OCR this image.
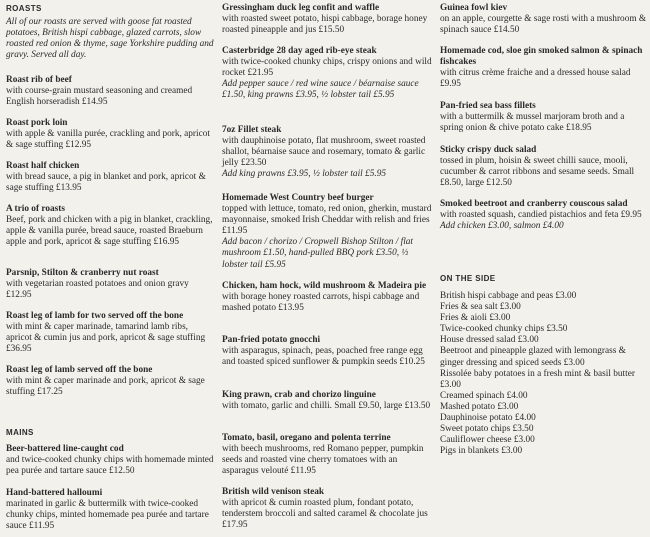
ROASTS
All of our roasts are served with goose fat roasted potatoes, British hispi cabbage, glazed carrots, slow roasted red onion & thyme, sage Yorkshire pudding and gravy. Served all day.
Roast rib of beef
with course-grain mustard seasoning and creamed English horseradish £14.95
Roast pork loin
with apple & vanilla purée, crackling and pork, apricot & sage stuffing £12.95
Roast half chicken
with bread sauce, a pig in blanket and pork, apricot & sage stuffing £13.95
A trio of roasts
Beef, pork and chicken with a pig in blanket, crackling, apple & vanilla purée, bread sauce, roasted Braeburn apple and pork, apricot & sage stuffing £16.95
Parsnip, Stilton & cranberry nut roast
with vegetarian roasted potatoes and onion gravy £12.95
Roast leg of lamb for two served off the bone
with mint & caper marinade, tamarind lamb ribs, apricot & cumin jus and pork, apricot & sage stuffing £36.95
Roast leg of lamb served off the bone
with mint & caper marinade and pork, apricot & sage stuffing £17.25
MAINS
Beer-battered line-caught cod
and twice-cooked chunky chips with homemade minted pea purée and tartare sauce £12.50
Hand-battered halloumi
marinated in garlic & buttermilk with twice-cooked chunky chips, minted homemade pea purée and tartare sauce £11.95
Gressingham duck leg confit and waffle
with roasted sweet potato, hispi cabbage, borage honey roasted pineapple and jus £15.50
Casterbridge 28 day aged rib-eye steak
with twice-cooked chunky chips, crispy onions and wild rocket £21.95
Add pepper sauce / red wine sauce / béarnaise sauce £1.50, king prawns £3.95, ½ lobster tail £5.95
7oz Fillet steak
with dauphinoise potato, flat mushroom, sweet roasted shallot, béarnaise sauce and rosemary, tomato & garlic jelly £23.50
Add king prawns £3.95, ½ lobster tail £5.95
Homemade West Country beef burger
topped with lettuce, tomato, red onion, gherkin, mustard mayonnaise, smoked Irish Cheddar with relish and fries £11.95
Add bacon / chorizo / Cropwell Bishop Stilton / flat mushroom £1.50, hand-pulled BBQ pork £3.50, ½ lobster tail £5.95
Chicken, ham hock, wild mushroom & Madeira pie
with borage honey roasted carrots, hispi cabbage and mashed potato £13.95
Pan-fried potato gnocchi
with asparagus, spinach, peas, poached free range egg and toasted spiced sunflower & pumpkin seeds £10.25
King prawn, crab and chorizo linguine
with tomato, garlic and chilli. Small £9.50, large £13.50
Tomato, basil, oregano and polenta terrine
with beech mushrooms, red Romano pepper, pumpkin seeds and roasted vine cherry tomatoes with an asparagus velouté £11.95
British wild venison steak
with apricot & cumin roasted plum, fondant potato, tenderstem broccoli and salted caramel & chocolate jus £17.95
Guinea fowl kiev
on an apple, courgette & sage rosti with a mushroom & spinach sauce £14.50
Homemade cod, sloe gin smoked salmon & spinach fishcakes
with citrus crème fraiche and a dressed house salad £9.95
Pan-fried sea bass fillets
with a buttermilk & mussel marjoram broth and a spring onion & chive potato cake £18.95
Sticky crispy duck salad
tossed in plum, hoisin & sweet chilli sauce, mooli, cucumber & carrot ribbons and sesame seeds. Small £8.50, large £12.50
Smoked beetroot and cranberry couscous salad
with roasted squash, candied pistachios and feta £9.95
Add chicken £3.00, salmon £4.00
ON THE SIDE
British hispi cabbage and peas £3.00
Fries & sea salt £3.00
Fries & aioli £3.00
Twice-cooked chunky chips £3.50
House dressed salad £3.00
Beetroot and pineapple glazed with lemongrass & ginger dressing and spiced seeds £3.00
Rissolée baby potatoes in a fresh mint & basil butter £3.00
Creamed spinach £4.00
Mashed potato £3.00
Dauphinoise potato £4.00
Sweet potato chips £3.50
Cauliflower cheese £3.00
Pigs in blankets £3.00
